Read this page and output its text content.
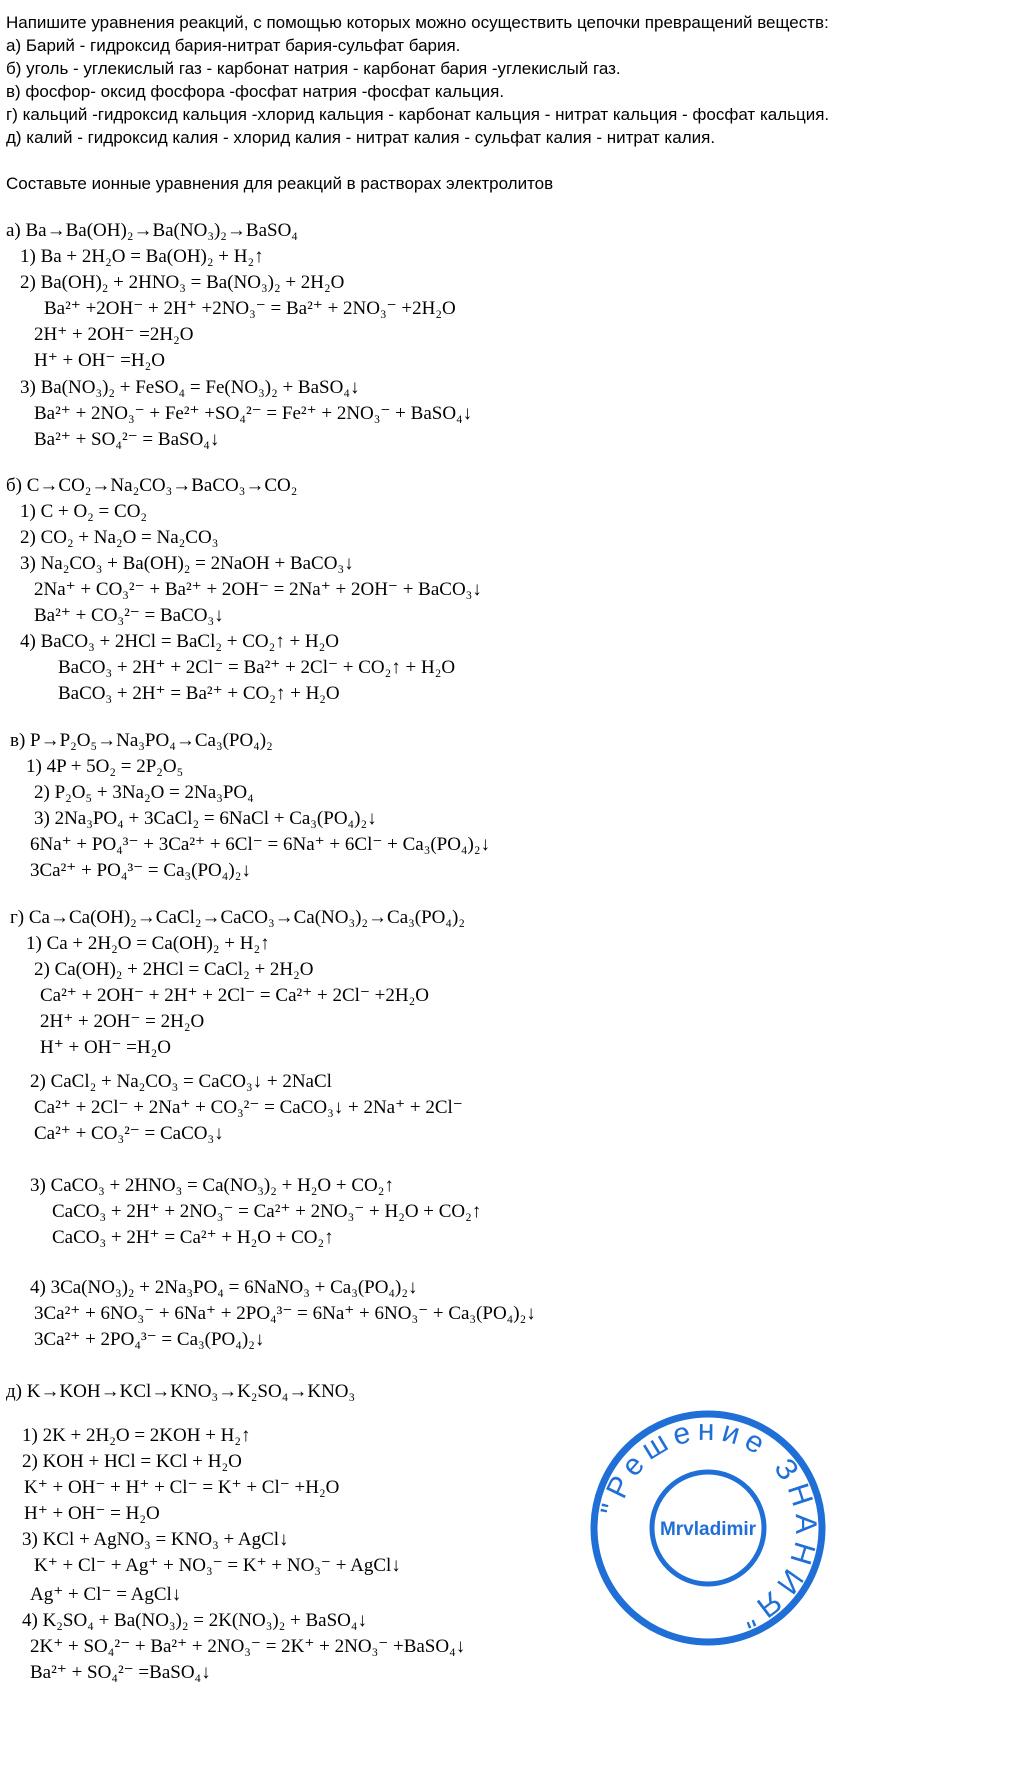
Напишите уравнения реакций, с помощью которых можно осуществить цепочки превращений веществ:
а) Барий - гидроксид бария-нитрат бария-сульфат бария.
б) уголь - углекислый газ - карбонат натрия - карбонат бария -углекислый газ.
в) фосфор- оксид фосфора -фосфат натрия -фосфат кальция.
г) кальций -гидроксид кальция -хлорид кальция - карбонат кальция - нитрат кальция - фосфат кальция.
д) калий - гидроксид калия - хлорид калия - нитрат калия - сульфат калия - нитрат калия.
Составьте ионные уравнения для реакций в растворах электролитов
а) Ba→Ba(OH)₂→Ba(NO₃)₂→BaSO₄
1) Ba + 2H₂O = Ba(OH)₂ + H₂↑
2) Ba(OH)₂ + 2HNO₃ = Ba(NO₃)₂ + 2H₂O
Ba²⁺ +2OH⁻ + 2H⁺ +2NO₃⁻ = Ba²⁺ + 2NO₃⁻ +2H₂O
2H⁺ + 2OH⁻ =2H₂O
H⁺ + OH⁻ =H₂O
3) Ba(NO₃)₂ + FeSO₄ = Fe(NO₃)₂ + BaSO₄↓
Ba²⁺ + 2NO₃⁻ + Fe²⁺ +SO₄²⁻ = Fe²⁺ + 2NO₃⁻ + BaSO₄↓
Ba²⁺ + SO₄²⁻ = BaSO₄↓
б) C→CO₂→Na₂CO₃→BaCO₃→CO₂
1) C + O₂ = CO₂
2) CO₂ + Na₂O = Na₂CO₃
3) Na₂CO₃ + Ba(OH)₂ = 2NaOH + BaCO₃↓
2Na⁺ + CO₃²⁻ + Ba²⁺ + 2OH⁻ = 2Na⁺ + 2OH⁻ + BaCO₃↓
Ba²⁺ + CO₃²⁻ = BaCO₃↓
4) BaCO₃ + 2HCl = BaCl₂ + CO₂↑ + H₂O
BaCO₃ + 2H⁺ + 2Cl⁻ = Ba²⁺ + 2Cl⁻ + CO₂↑ + H₂O
BaCO₃ + 2H⁺ = Ba²⁺ + CO₂↑ + H₂O
в) P→P₂O₅→Na₃PO₄→Ca₃(PO₄)₂
1) 4P + 5O₂ = 2P₂O₅
2) P₂O₅ + 3Na₂O = 2Na₃PO₄
3) 2Na₃PO₄ + 3CaCl₂ = 6NaCl + Ca₃(PO₄)₂↓
6Na⁺ + PO₄³⁻ + 3Ca²⁺ + 6Cl⁻ = 6Na⁺ + 6Cl⁻ + Ca₃(PO₄)₂↓
3Ca²⁺ + PO₄³⁻ = Ca₃(PO₄)₂↓
г) Ca→Ca(OH)₂→CaCl₂→CaCO₃→Ca(NO₃)₂→Ca₃(PO₄)₂
1) Ca + 2H₂O = Ca(OH)₂ + H₂↑
2) Ca(OH)₂ + 2HCl = CaCl₂ + 2H₂O
Ca²⁺ + 2OH⁻ + 2H⁺ + 2Cl⁻ = Ca²⁺ + 2Cl⁻ +2H₂O
2H⁺ + 2OH⁻ = 2H₂O
H⁺ + OH⁻ =H₂O
2) CaCl₂ + Na₂CO₃ = CaCO₃↓ + 2NaCl
Ca²⁺ + 2Cl⁻ + 2Na⁺ + CO₃²⁻ = CaCO₃↓ + 2Na⁺ + 2Cl⁻
Ca²⁺ + CO₃²⁻ = CaCO₃↓
3) CaCO₃ + 2HNO₃ = Ca(NO₃)₂ + H₂O + CO₂↑
CaCO₃ + 2H⁺ + 2NO₃⁻ = Ca²⁺ + 2NO₃⁻ + H₂O + CO₂↑
CaCO₃ + 2H⁺ = Ca²⁺ + H₂O + CO₂↑
4) 3Ca(NO₃)₂ + 2Na₃PO₄ = 6NaNO₃ + Ca₃(PO₄)₂↓
3Ca²⁺ + 6NO₃⁻ + 6Na⁺ + 2PO₄³⁻ = 6Na⁺ + 6NO₃⁻ + Ca₃(PO₄)₂↓
3Ca²⁺ + 2PO₄³⁻ = Ca₃(PO₄)₂↓
д) K→KOH→KCl→KNO₃→K₂SO₄→KNO₃
1) 2K + 2H₂O = 2KOH + H₂↑
2) KOH + HCl = KCl + H₂O
K⁺ + OH⁻ + H⁺ + Cl⁻ = K⁺ + Cl⁻ +H₂O
H⁺ + OH⁻ = H₂O
3) KCl + AgNO₃ = KNO₃ + AgCl↓
K⁺ + Cl⁻ + Ag⁺ + NO₃⁻ = K⁺ + NO₃⁻ + AgCl↓
Ag⁺ + Cl⁻ = AgCl↓
4) K₂SO₄ + Ba(NO₃)₂ = 2K(NO₃)₂ + BaSO₄↓
2K⁺ + SO₄²⁻ + Ba²⁺ + 2NO₃⁻ = 2K⁺ + 2NO₃⁻ +BaSO₄↓
Ba²⁺ + SO₄²⁻ =BaSO₄↓
"Решение ЗНАНИЯ"
Mrvladimir
